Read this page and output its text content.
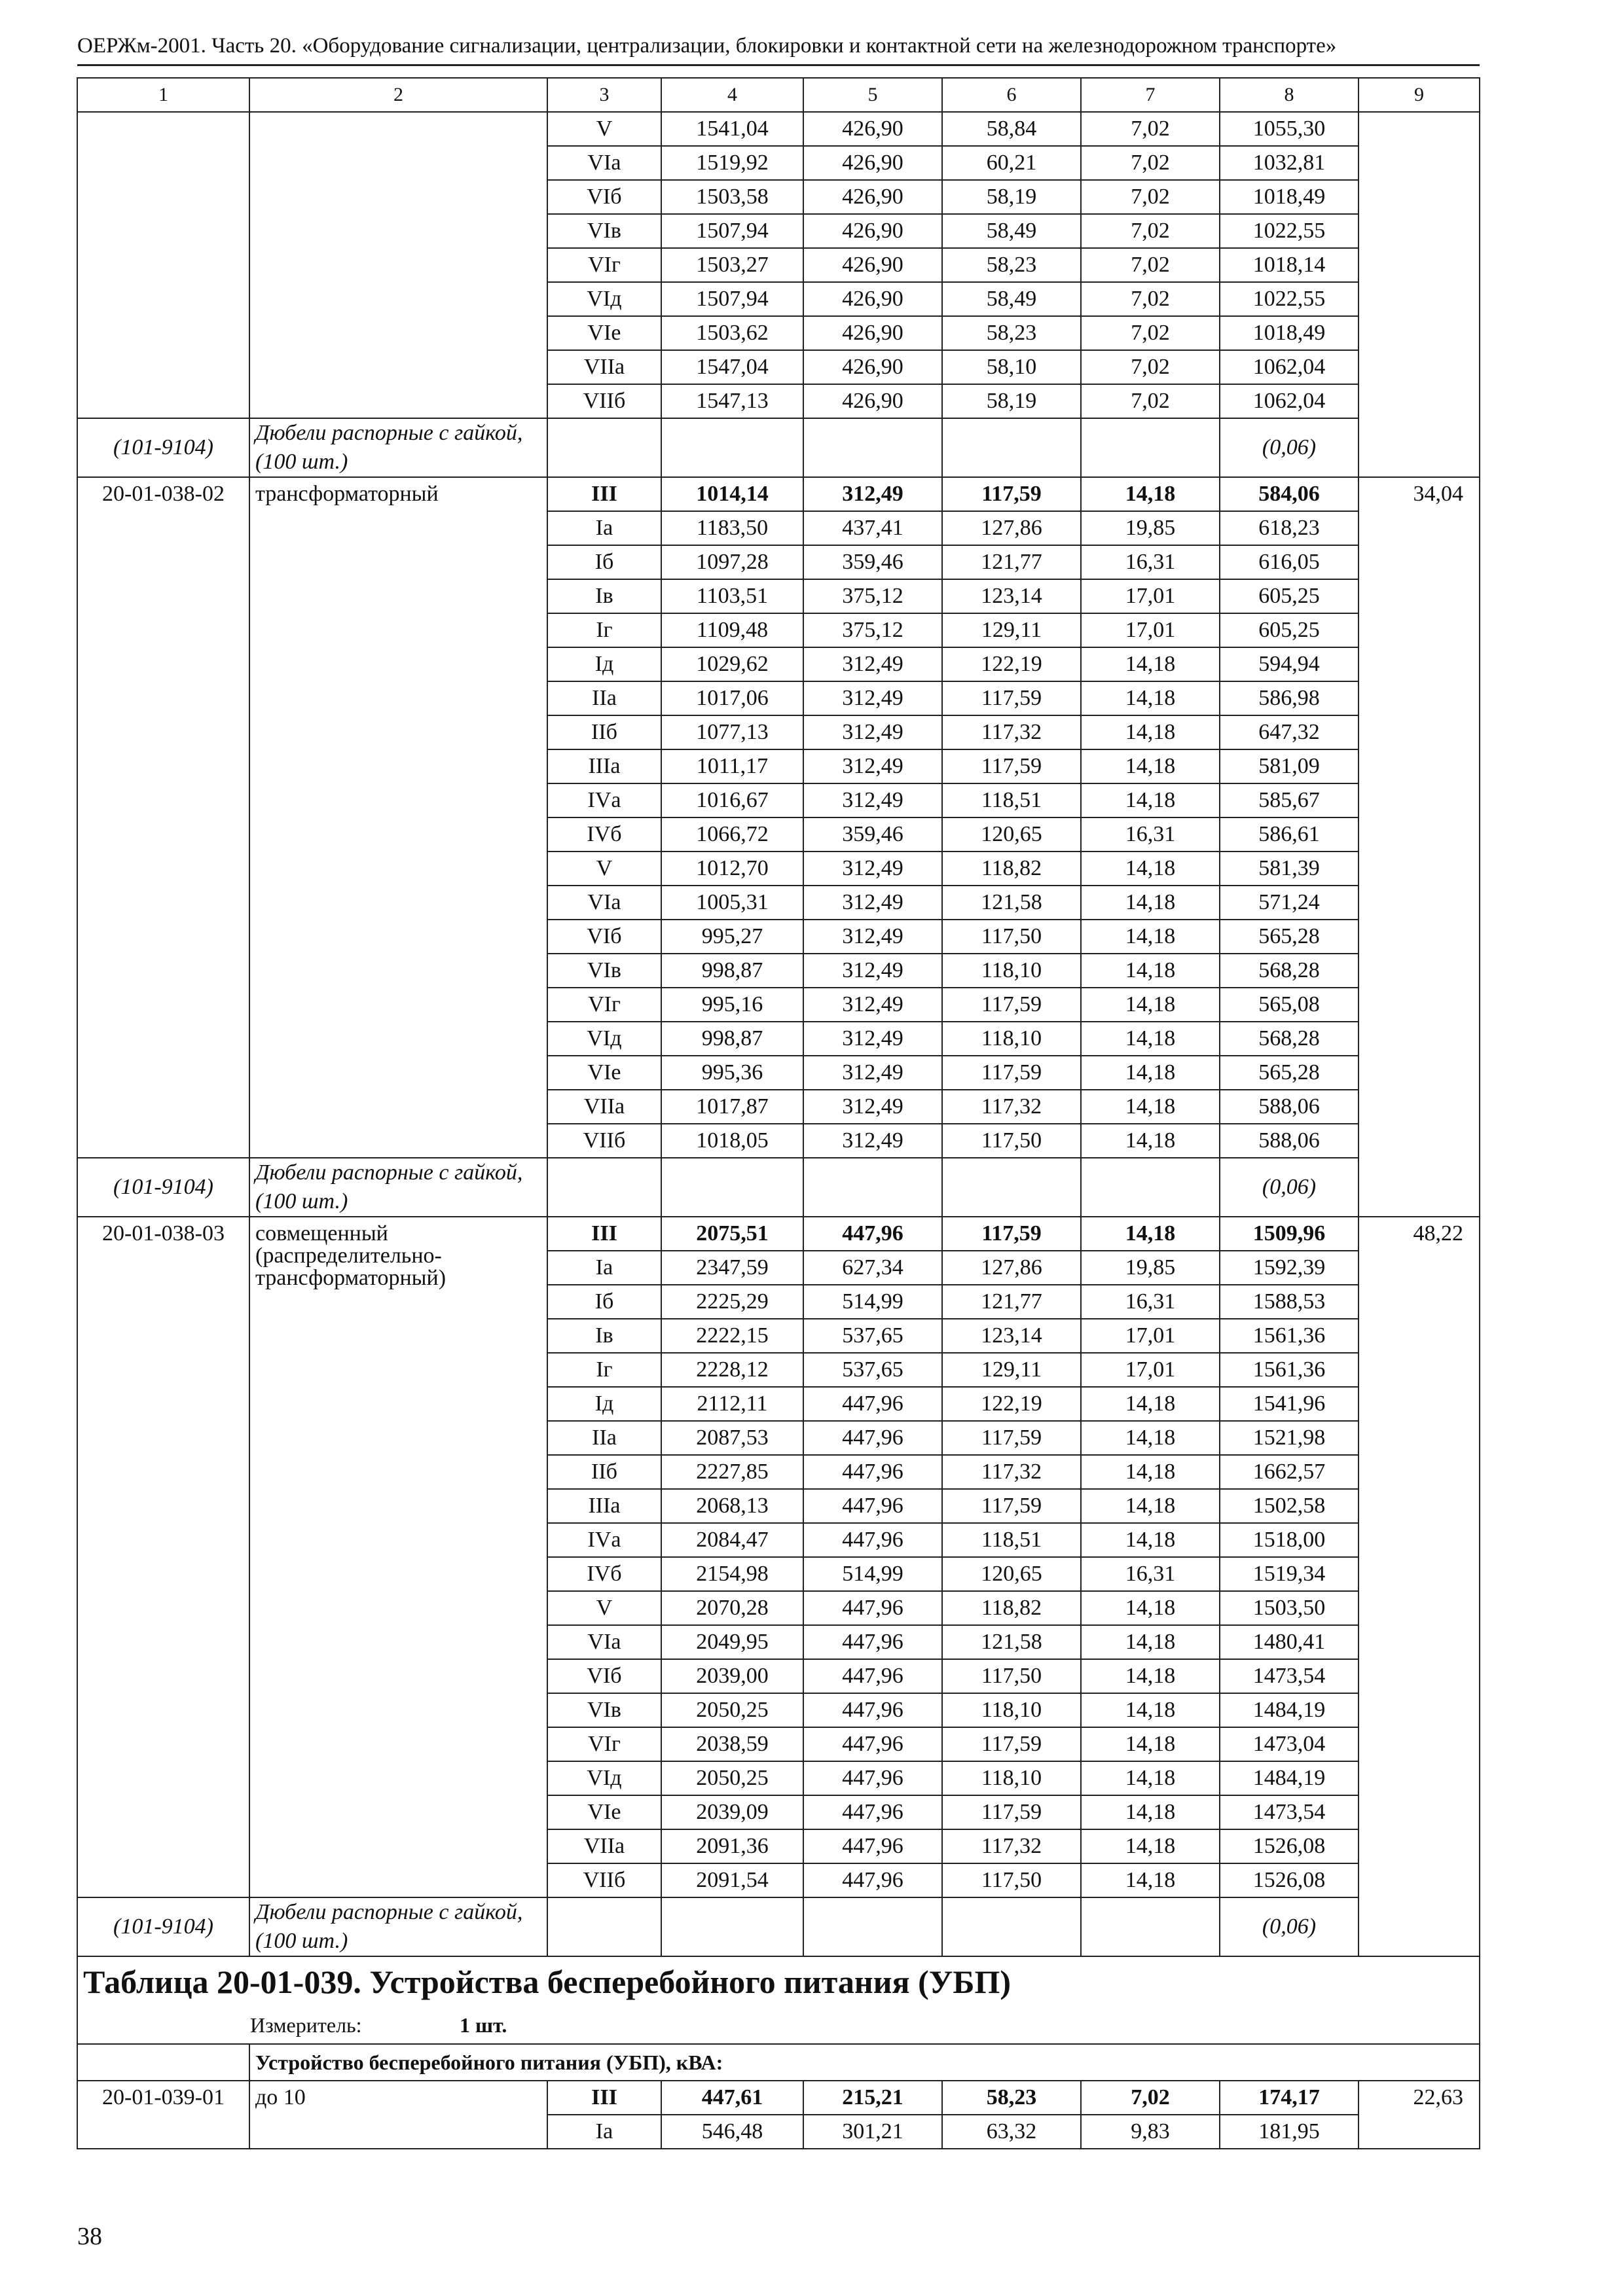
ОЕРЖм-2001. Часть 20. «Оборудование сигнализации, централизации, блокировки и контактной сети на железнодорожном транспорте»
1	2	3	4	5	6	7	8	9
		V	1541,04	426,90	58,84	7,02	1055,30	
		VIа	1519,92	426,90	60,21	7,02	1032,81	
		VIб	1503,58	426,90	58,19	7,02	1018,49	
		VIв	1507,94	426,90	58,49	7,02	1022,55	
		VIг	1503,27	426,90	58,23	7,02	1018,14	
		VIд	1507,94	426,90	58,49	7,02	1022,55	
		VIе	1503,62	426,90	58,23	7,02	1018,49	
		VIIа	1547,04	426,90	58,10	7,02	1062,04	
		VIIб	1547,13	426,90	58,19	7,02	1062,04	
(101-9104)	Дюбели распорные с гайкой, (100 шт.)						(0,06)	
20-01-038-02	трансформаторный	III	1014,14	312,49	117,59	14,18	584,06	34,04
		Iа	1183,50	437,41	127,86	19,85	618,23	
		Iб	1097,28	359,46	121,77	16,31	616,05	
		Iв	1103,51	375,12	123,14	17,01	605,25	
		Iг	1109,48	375,12	129,11	17,01	605,25	
		Iд	1029,62	312,49	122,19	14,18	594,94	
		IIа	1017,06	312,49	117,59	14,18	586,98	
		IIб	1077,13	312,49	117,32	14,18	647,32	
		IIIа	1011,17	312,49	117,59	14,18	581,09	
		IVа	1016,67	312,49	118,51	14,18	585,67	
		IVб	1066,72	359,46	120,65	16,31	586,61	
		V	1012,70	312,49	118,82	14,18	581,39	
		VIа	1005,31	312,49	121,58	14,18	571,24	
		VIб	995,27	312,49	117,50	14,18	565,28	
		VIв	998,87	312,49	118,10	14,18	568,28	
		VIг	995,16	312,49	117,59	14,18	565,08	
		VIд	998,87	312,49	118,10	14,18	568,28	
		VIе	995,36	312,49	117,59	14,18	565,28	
		VIIа	1017,87	312,49	117,32	14,18	588,06	
		VIIб	1018,05	312,49	117,50	14,18	588,06	
(101-9104)	Дюбели распорные с гайкой, (100 шт.)						(0,06)	
20-01-038-03	совмещенный (распределительно-трансформаторный)	III	2075,51	447,96	117,59	14,18	1509,96	48,22
		Iа	2347,59	627,34	127,86	19,85	1592,39	
		Iб	2225,29	514,99	121,77	16,31	1588,53	
		Iв	2222,15	537,65	123,14	17,01	1561,36	
		Iг	2228,12	537,65	129,11	17,01	1561,36	
		Iд	2112,11	447,96	122,19	14,18	1541,96	
		IIа	2087,53	447,96	117,59	14,18	1521,98	
		IIб	2227,85	447,96	117,32	14,18	1662,57	
		IIIа	2068,13	447,96	117,59	14,18	1502,58	
		IVа	2084,47	447,96	118,51	14,18	1518,00	
		IVб	2154,98	514,99	120,65	16,31	1519,34	
		V	2070,28	447,96	118,82	14,18	1503,50	
		VIа	2049,95	447,96	121,58	14,18	1480,41	
		VIб	2039,00	447,96	117,50	14,18	1473,54	
		VIв	2050,25	447,96	118,10	14,18	1484,19	
		VIг	2038,59	447,96	117,59	14,18	1473,04	
		VIд	2050,25	447,96	118,10	14,18	1484,19	
		VIе	2039,09	447,96	117,59	14,18	1473,54	
		VIIа	2091,36	447,96	117,32	14,18	1526,08	
		VIIб	2091,54	447,96	117,50	14,18	1526,08	
(101-9104)	Дюбели распорные с гайкой, (100 шт.)						(0,06)	
Таблица 20-01-039. Устройства бесперебойного питания (УБП)								
Измеритель: 1 шт.								
	Устройство бесперебойного питания (УБП), кВА:							
20-01-039-01	до 10	III	447,61	215,21	58,23	7,02	174,17	22,63
		Iа	546,48	301,21	63,32	9,83	181,95	
38
